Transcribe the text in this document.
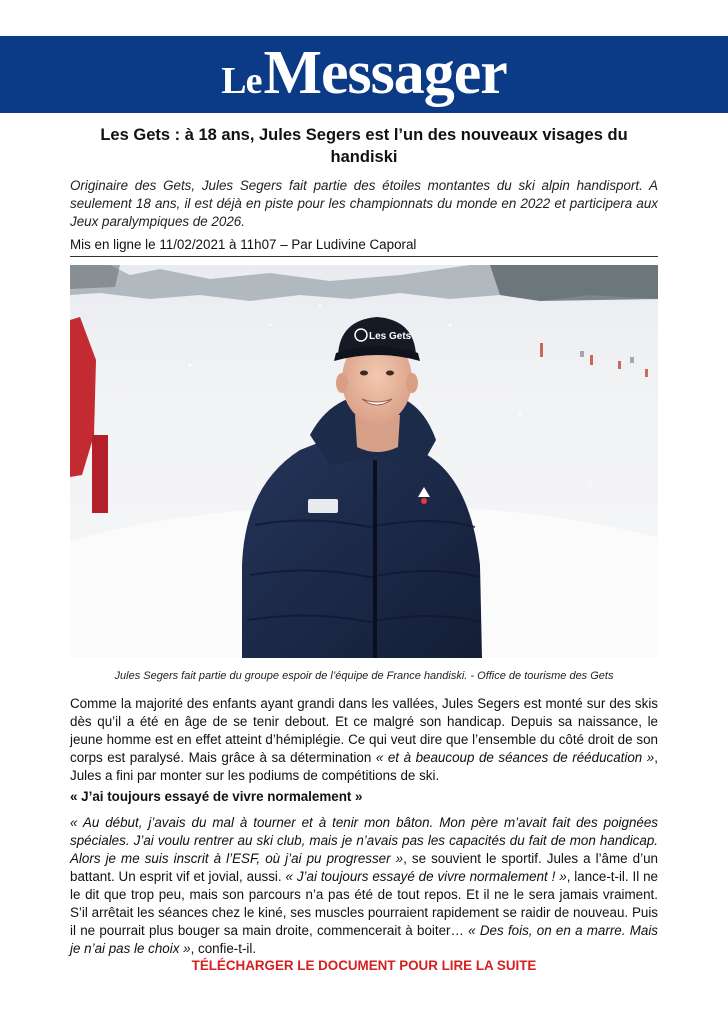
Le Messager
Les Gets : à 18 ans, Jules Segers est l’un des nouveaux visages du handiski

Originaire des Gets, Jules Segers fait partie des étoiles montantes du ski alpin handisport. A seulement 18 ans, il est déjà en piste pour les championnats du monde en 2022 et participera aux Jeux paralympiques de 2026.

Mis en ligne le 11/02/2021 à 11h07 – Par Ludivine Caporal

Les Gets

Jules Segers fait partie du groupe espoir de l’équipe de France handiski. - Office de tourisme des Gets

Comme la majorité des enfants ayant grandi dans les vallées, Jules Segers est monté sur des skis dès qu’il a été en âge de se tenir debout. Et ce malgré son handicap. Depuis sa naissance, le jeune homme est en effet atteint d’hémiplégie. Ce qui veut dire que l’ensemble du côté droit de son corps est paralysé. Mais grâce à sa détermination « et à beaucoup de séances de rééducation », Jules a fini par monter sur les podiums de compétitions de ski.

« J’ai toujours essayé de vivre normalement »

« Au début, j’avais du mal à tourner et à tenir mon bâton. Mon père m’avait fait des poignées spéciales. J’ai voulu rentrer au ski club, mais je n’avais pas les capacités du fait de mon handicap. Alors je me suis inscrit à l’ESF, où j’ai pu progresser », se souvient le sportif. Jules a l’âme d’un battant. Un esprit vif et jovial, aussi. « J’ai toujours essayé de vivre normalement ! », lance-t-il. Il ne le dit que trop peu, mais son parcours n’a pas été de tout repos. Et il ne le sera jamais vraiment. S’il arrêtait les séances chez le kiné, ses muscles pourraient rapidement se raidir de nouveau. Puis il ne pourrait plus bouger sa main droite, commencerait à boiter… « Des fois, on en a marre. Mais je n’ai pas le choix », confie-t-il.

TÉLÉCHARGER LE DOCUMENT POUR LIRE LA SUITE
